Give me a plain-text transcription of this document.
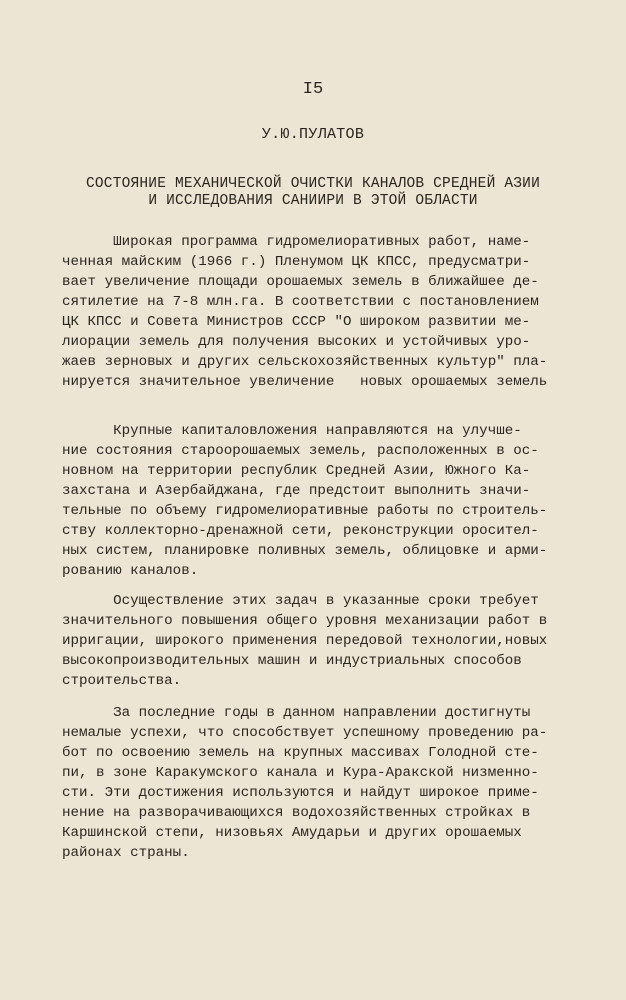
I5
У.Ю.ПУЛАТОВ
СОСТОЯНИЕ МЕХАНИЧЕСКОЙ ОЧИСТКИ КАНАЛОВ СРЕДНЕЙ АЗИИ
И ИССЛЕДОВАНИЯ САНИИРИ В ЭТОЙ ОБЛАСТИ
Широкая программа гидромелиоративных работ, наме-
ченная майским (1966 г.) Пленумом ЦК КПСС, предусматри-
вает увеличение площади орошаемых земель в ближайшее де-
сятилетие на 7-8 млн.га. В соответствии с постановлением
ЦК КПСС и Совета Министров СССР "О широком развитии ме-
лиорации земель для получения высоких и устойчивых уро-
жаев зерновых и других сельскохозяйственных культур" пла-
нируется значительное увеличение   новых орошаемых земель
Крупные капиталовложения направляются на улучше-
ние состояния староорошаемых земель, расположенных в ос-
новном на территории республик Средней Азии, Южного Ка-
захстана и Азербайджана, где предстоит выполнить значи-
тельные по объему гидромелиоративные работы по строитель-
ству коллекторно-дренажной сети, реконструкции оросител-
ных систем, планировке поливных земель, облицовке и арми-
рованию каналов.
Осуществление этих задач в указанные сроки требует
значительного повышения общего уровня механизации работ в
ирригации, широкого применения передовой технологии,новых
высокопроизводительных машин и индустриальных способов
строительства.
За последние годы в данном направлении достигнуты
немалые успехи, что способствует успешному проведению ра-
бот по освоению земель на крупных массивах Голодной сте-
пи, в зоне Каракумского канала и Кура-Аракской низменно-
сти. Эти достижения используются и найдут широкое приме-
нение на разворачивающихся водохозяйственных стройках в
Каршинской степи, низовьях Амударьи и других орошаемых
районах страны.
